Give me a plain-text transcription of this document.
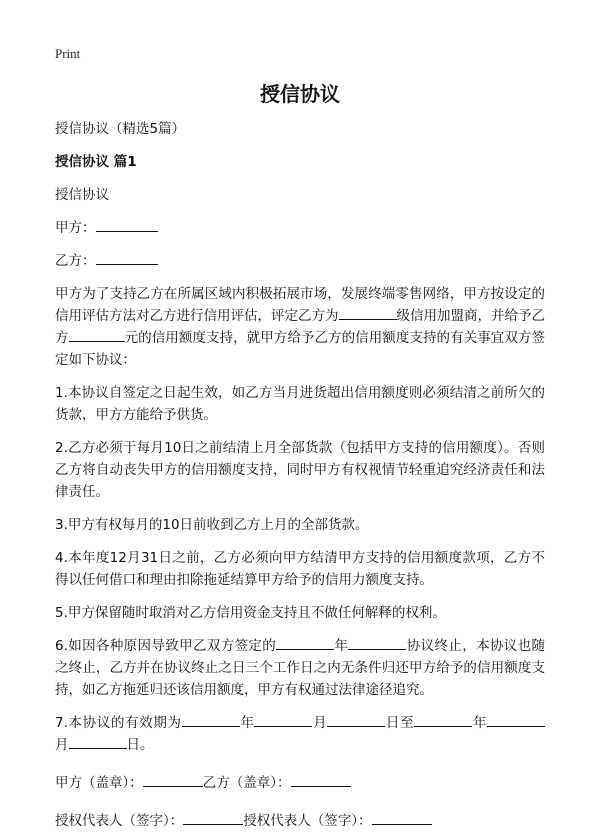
Print
授信协议

授信协议（精选5篇）

授信协议 篇1

授信协议

甲方：

乙方：

甲方为了支持乙方在所属区域内积极拓展市场，发展终端零售网络，甲方按设定的信用评估方法对乙方进行信用评估，评定乙方为	级信用加盟商，并给予乙方	元的信用额度支持，就甲方给予乙方的信用额度支持的有关事宜双方签定如下协议：

1.本协议自签定之日起生效，如乙方当月进货超出信用额度则必须结清之前所欠的货款，甲方方能给予供货。

2.乙方必须于每月10日之前结清上月全部货款（包括甲方支持的信用额度）。否则乙方将自动丧失甲方的信用额度支持，同时甲方有权视情节轻重追究经济责任和法律责任。

3.甲方有权每月的10日前收到乙方上月的全部货款。

4.本年度12月31日之前，乙方必须向甲方结清甲方支持的信用额度款项，乙方不得以任何借口和理由扣除拖延结算甲方给予的信用力额度支持。

5.甲方保留随时取消对乙方信用资金支持且不做任何解释的权利。

6.如因各种原因导致甲乙双方签定的	年	协议终止，本协议也随之终止，乙方并在协议终止之日三个工作日之内无条件归还甲方给予的信用额度支持，如乙方拖延归还该信用额度，甲方有权通过法律途径追究。

7.本协议的有效期为	年	月	日至	年月	日。

甲方（盖章）：	乙方（盖章）：

授权代表人（签字）：	授权代表人（签字）：
